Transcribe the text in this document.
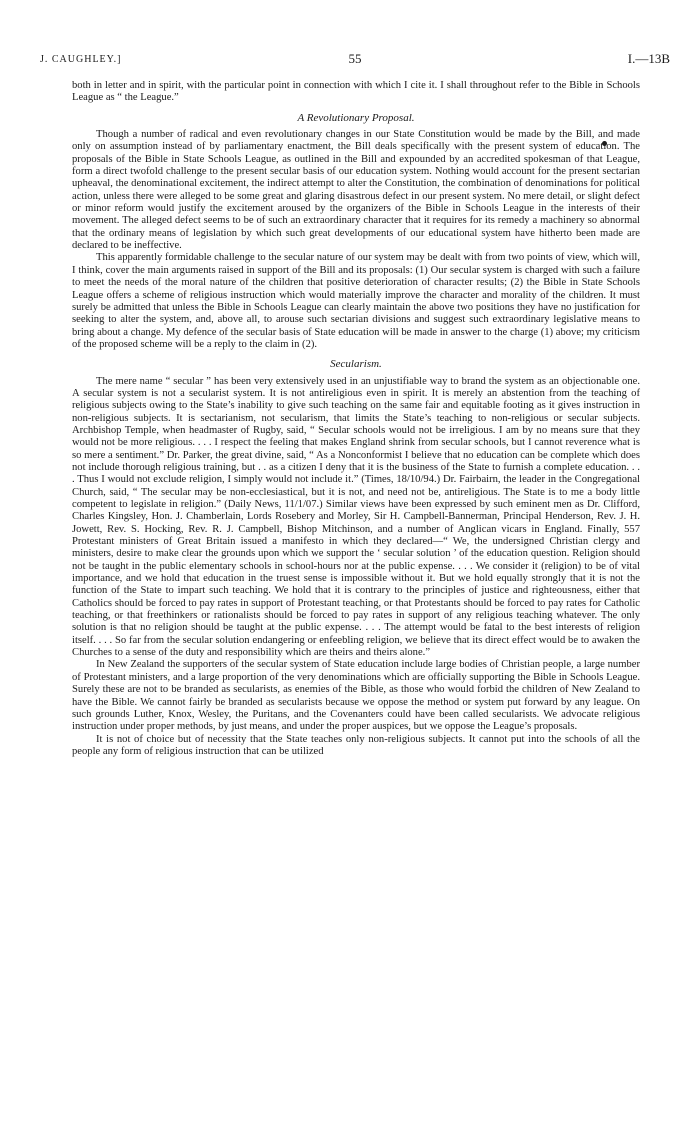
J. CAUGHLEY.]	55	I.—13B

both in letter and in spirit, with the particular point in connection with which I cite it. I shall throughout refer to the Bible in Schools League as “ the League.”

A Revolutionary Proposal.

Though a number of radical and even revolutionary changes in our State Constitution would be made by the Bill, and made only on assumption instead of by parliamentary enactment, the Bill deals specifically with the present system of education. The proposals of the Bible in State Schools League, as outlined in the Bill and expounded by an accredited spokesman of that League, form a direct twofold challenge to the present secular basis of our education system. Nothing would account for the present sectarian upheaval, the denominational excitement, the indirect attempt to alter the Constitution, the combination of denominations for political action, unless there were alleged to be some great and glaring disastrous defect in our present system. No mere detail, or slight defect or minor reform would justify the excitement aroused by the organizers of the Bible in Schools League in the interests of their movement. The alleged defect seems to be of such an extraordinary character that it requires for its remedy a machinery so abnormal that the ordinary means of legislation by which such great developments of our educational system have hitherto been made are declared to be ineffective.

This apparently formidable challenge to the secular nature of our system may be dealt with from two points of view, which will, I think, cover the main arguments raised in support of the Bill and its proposals: (1) Our secular system is charged with such a failure to meet the needs of the moral nature of the children that positive deterioration of character results; (2) the Bible in State Schools League offers a scheme of religious instruction which would materially improve the character and morality of the children. It must surely be admitted that unless the Bible in Schools League can clearly maintain the above two positions they have no justification for seeking to alter the system, and, above all, to arouse such sectarian divisions and suggest such extraordinary legislative means to bring about a change. My defence of the secular basis of State education will be made in answer to the charge (1) above; my criticism of the proposed scheme will be a reply to the claim in (2).

Secularism.

The mere name “ secular ” has been very extensively used in an unjustifiable way to brand the system as an objectionable one. A secular system is not a secularist system. It is not antireligious even in spirit. It is merely an abstention from the teaching of religious subjects owing to the State’s inability to give such teaching on the same fair and equitable footing as it gives instruction in non-religious subjects. It is sectarianism, not secularism, that limits the State’s teaching to non-religious or secular subjects. Archbishop Temple, when headmaster of Rugby, said, “ Secular schools would not be irreligious. I am by no means sure that they would not be more religious. . . . I respect the feeling that makes England shrink from secular schools, but I cannot reverence what is so mere a sentiment.” Dr. Parker, the great divine, said, “ As a Nonconformist I believe that no education can be complete which does not include thorough religious training, but . . as a citizen I deny that it is the business of the State to furnish a complete education. . . . Thus I would not exclude religion, I simply would not include it.” (Times, 18/10/94.) Dr. Fairbairn, the leader in the Congregational Church, said, “ The secular may be non-ecclesiastical, but it is not, and need not be, antireligious. The State is to me a body little competent to legislate in religion.” (Daily News, 11/1/07.) Similar views have been expressed by such eminent men as Dr. Clifford, Charles Kingsley, Hon. J. Chamberlain, Lords Rosebery and Morley, Sir H. Campbell-Bannerman, Principal Henderson, Rev. J. H. Jowett, Rev. S. Hocking, Rev. R. J. Campbell, Bishop Mitchinson, and a number of Anglican vicars in England. Finally, 557 Protestant ministers of Great Britain issued a manifesto in which they declared—“ We, the undersigned Christian clergy and ministers, desire to make clear the grounds upon which we support the ‘ secular solution ’ of the education question. Religion should not be taught in the public elementary schools in school-hours nor at the public expense. . . . We consider it (religion) to be of vital importance, and we hold that education in the truest sense is impossible without it. But we hold equally strongly that it is not the function of the State to impart such teaching. We hold that it is contrary to the principles of justice and righteousness, either that Catholics should be forced to pay rates in support of Protestant teaching, or that Protestants should be forced to pay rates for Catholic teaching, or that freethinkers or rationalists should be forced to pay rates in support of any religious teaching whatever. The only solution is that no religion should be taught at the public expense. . . . The attempt would be fatal to the best interests of religion itself. . . . So far from the secular solution endangering or enfeebling religion, we believe that its direct effect would be to awaken the Churches to a sense of the duty and responsibility which are theirs and theirs alone.”

In New Zealand the supporters of the secular system of State education include large bodies of Christian people, a large number of Protestant ministers, and a large proportion of the very denominations which are officially supporting the Bible in Schools League. Surely these are not to be branded as secularists, as enemies of the Bible, as those who would forbid the children of New Zealand to have the Bible. We cannot fairly be branded as secularists because we oppose the method or system put forward by any league. On such grounds Luther, Knox, Wesley, the Puritans, and the Covenanters could have been called secularists. We advocate religious instruction under proper methods, by just means, and under the proper auspices, but we oppose the League’s proposals.

It is not of choice but of necessity that the State teaches only non-religious subjects. It cannot put into the schools of all the people any form of religious instruction that can be utilized
